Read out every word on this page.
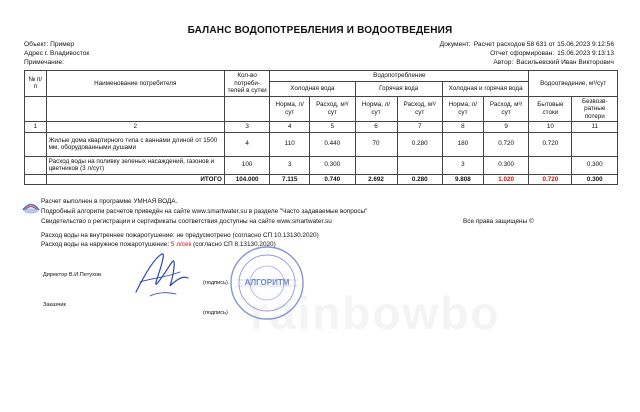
БАЛАНС ВОДОПОТРЕБЛЕНИЯ И ВОДООТВЕДЕНИЯ
Объект: Пример
Адрес г. Владивосток
Примечание:
Документ: Расчет расходов 58 631 от 15.06.2023 9:12:56
Отчет сформирован: 15.06.2023 9:13:13
Автор: Васильевский Иван Викторович
№ п/п	Наименование потребителя	Кол-во потреби-телей в сутки	Водопотребление						Водоотведение, м³/сут	
			Холодная вода		Горячая вода		Холодная и горячая вода			
			Норма, л/сут	Расход, м³/сут	Норма, л/сут	Расход, м³/сут	Норма, л/сут	Расход, м³/сут	Бытовые стоки	Безвозв-ратные потери
1	2	3	4	5	6	7	8	9	10	11
	Жилые дома квартирного типа с ваннами длиной от 1500 мм, оборудованными душами	4	110	0.440	70	0.280	180	0.720	0.720	
	Расход воды на поливку зеленых насаждений, газонов и цветников (3 л/сут)	100	3	0.300			3	0.300		0.300
	ИТОГО	104.000	7.115	0.740	2.692	0.280	9.808	1.020	0.720	0.300
Расчет выполнен в программе УМНАЯ ВОДА.
Подробный алгоритм расчетов приведён на сайте www.smartwater.su в разделе "Часто задаваемые вопросы"
Свидетельство о регистрации и сертификаты соответствия доступны на сайте www.smartwater.su	Все права защищены ©
Расход воды на внутреннее пожаротушение: не предусмотрено (согласно СП 10.13130.2020)
Расход воды на наружное пожаротушение: 5 л/сек (согласно СП 8.13130.2020)
АЛГОРИТМ
Директор В.И.Петухов
(подпись)
Заказчик
(подпись) rainbowbo
